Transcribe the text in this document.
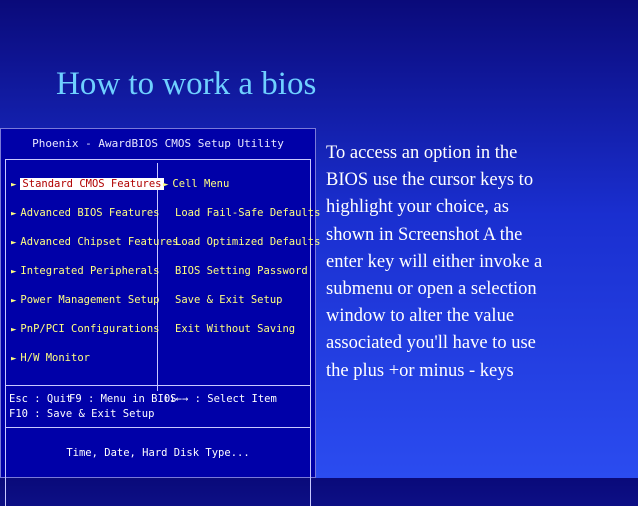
How to work a bios
Phoenix - AwardBIOS CMOS Setup Utility
► Standard CMOS Features
► Advanced BIOS Features
► Advanced Chipset Features
► Integrated Peripherals
► Power Management Setup
► PnP/PCI Configurations
► H/W Monitor
► Cell Menu
Load Fail-Safe Defaults
Load Optimized Defaults
BIOS Setting Password
Save & Exit Setup
Exit Without Saving
Esc : Quit
F9 : Menu in BIOS
↑↓←→ : Select Item
F10 : Save & Exit Setup
Time, Date, Hard Disk Type...
To access an option in the
BIOS use the cursor keys to
highlight your choice, as
shown in Screenshot A the
enter key will either invoke a
submenu or open a selection
window to alter the value
associated you'll have to use
the plus +or minus - keys
